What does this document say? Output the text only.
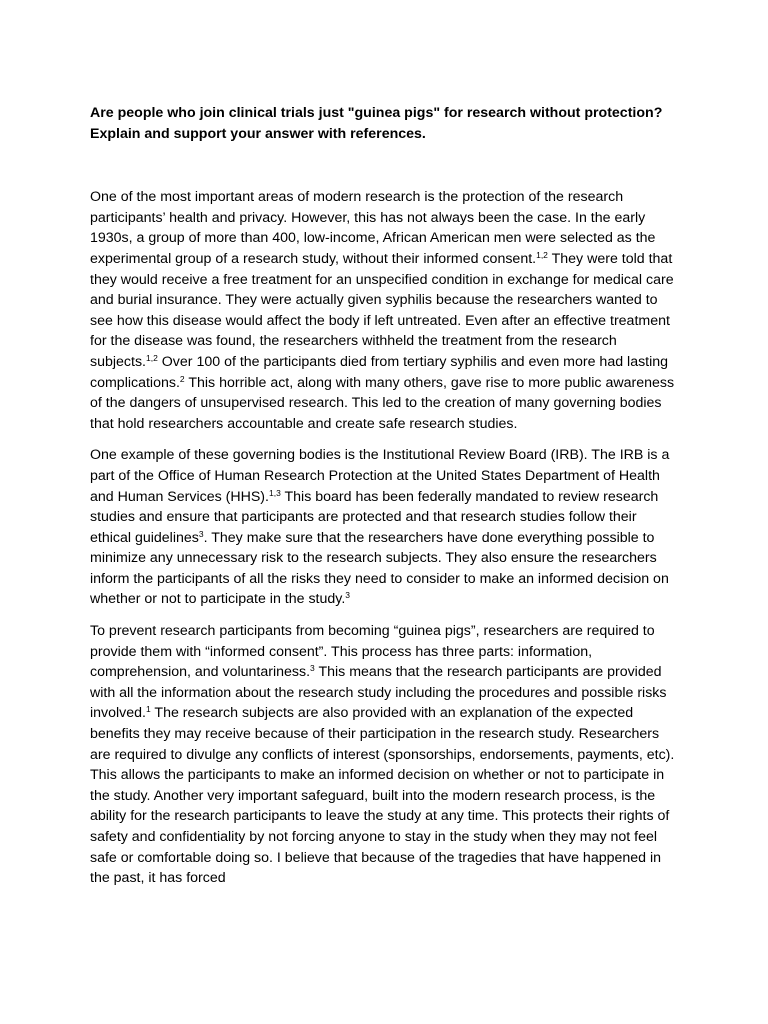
Are people who join clinical trials just "guinea pigs" for research without protection? Explain and support your answer with references.

One of the most important areas of modern research is the protection of the research participants’ health and privacy. However, this has not always been the case. In the early 1930s, a group of more than 400, low-income, African American men were selected as the experimental group of a research study, without their informed consent.$^{1,2}$ They were told that they would receive a free treatment for an unspecified condition in exchange for medical care and burial insurance. They were actually given syphilis because the researchers wanted to see how this disease would affect the body if left untreated. Even after an effective treatment for the disease was found, the researchers withheld the treatment from the research subjects.$^{1,2}$ Over 100 of the participants died from tertiary syphilis and even more had lasting complications.$^2$ This horrible act, along with many others, gave rise to more public awareness of the dangers of unsupervised research. This led to the creation of many governing bodies that hold researchers accountable and create safe research studies.

One example of these governing bodies is the Institutional Review Board (IRB). The IRB is a part of the Office of Human Research Protection at the United States Department of Health and Human Services (HHS).$^{1,3}$ This board has been federally mandated to review research studies and ensure that participants are protected and that research studies follow their ethical guidelines$^3$. They make sure that the researchers have done everything possible to minimize any unnecessary risk to the research subjects. They also ensure the researchers inform the participants of all the risks they need to consider to make an informed decision on whether or not to participate in the study.$^3$

To prevent research participants from becoming “guinea pigs”, researchers are required to provide them with “informed consent”. This process has three parts: information, comprehension, and voluntariness.$^3$ This means that the research participants are provided with all the information about the research study including the procedures and possible risks involved.$^1$ The research subjects are also provided with an explanation of the expected benefits they may receive because of their participation in the research study. Researchers are required to divulge any conflicts of interest (sponsorships, endorsements, payments, etc). This allows the participants to make an informed decision on whether or not to participate in the study. Another very important safeguard, built into the modern research process, is the ability for the research participants to leave the study at any time. This protects their rights of safety and confidentiality by not forcing anyone to stay in the study when they may not feel safe or comfortable doing so. I believe that because of the tragedies that have happened in the past, it has forced
